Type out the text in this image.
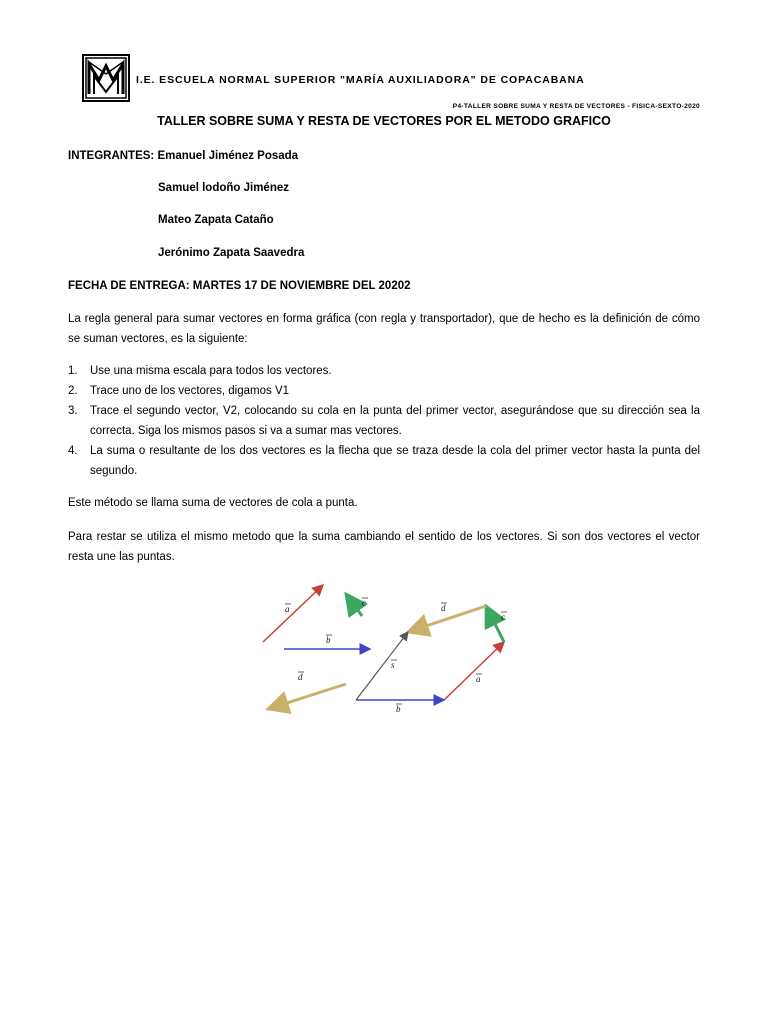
I.E. ESCUELA NORMAL SUPERIOR "MARÍA AUXILIADORA" DE COPACABANA
P4-TALLER SOBRE SUMA Y RESTA DE VECTORES - FISICA-SEXTO-2020
TALLER SOBRE SUMA Y RESTA DE VECTORES POR EL METODO GRAFICO
INTEGRANTES: Emanuel Jiménez Posada
Samuel lodoño Jiménez
Mateo Zapata Cataño
Jerónimo Zapata Saavedra
FECHA DE ENTREGA: MARTES 17 DE NOVIEMBRE DEL 20202
La regla general para sumar vectores en forma gráfica (con regla y transportador), que de hecho es la definición de cómo se suman vectores, es la siguiente:
1. Use una misma escala para todos los vectores.
2. Trace uno de los vectores, digamos V1
3. Trace el segundo vector, V2, colocando su cola en la punta del primer vector, asegurándose que su dirección sea la correcta. Siga los mismos pasos si va a sumar mas vectores.
4. La suma o resultante de los dos vectores es la flecha que se traza desde la cola del primer vector hasta la punta del segundo.
Este método se llama suma de vectores de cola a punta.
Para restar se utiliza el mismo metodo que la suma cambiando el sentido de los vectores. Si son dos vectores el vector resta une las puntas.
a
c
b
d
d
c
s
a
b
